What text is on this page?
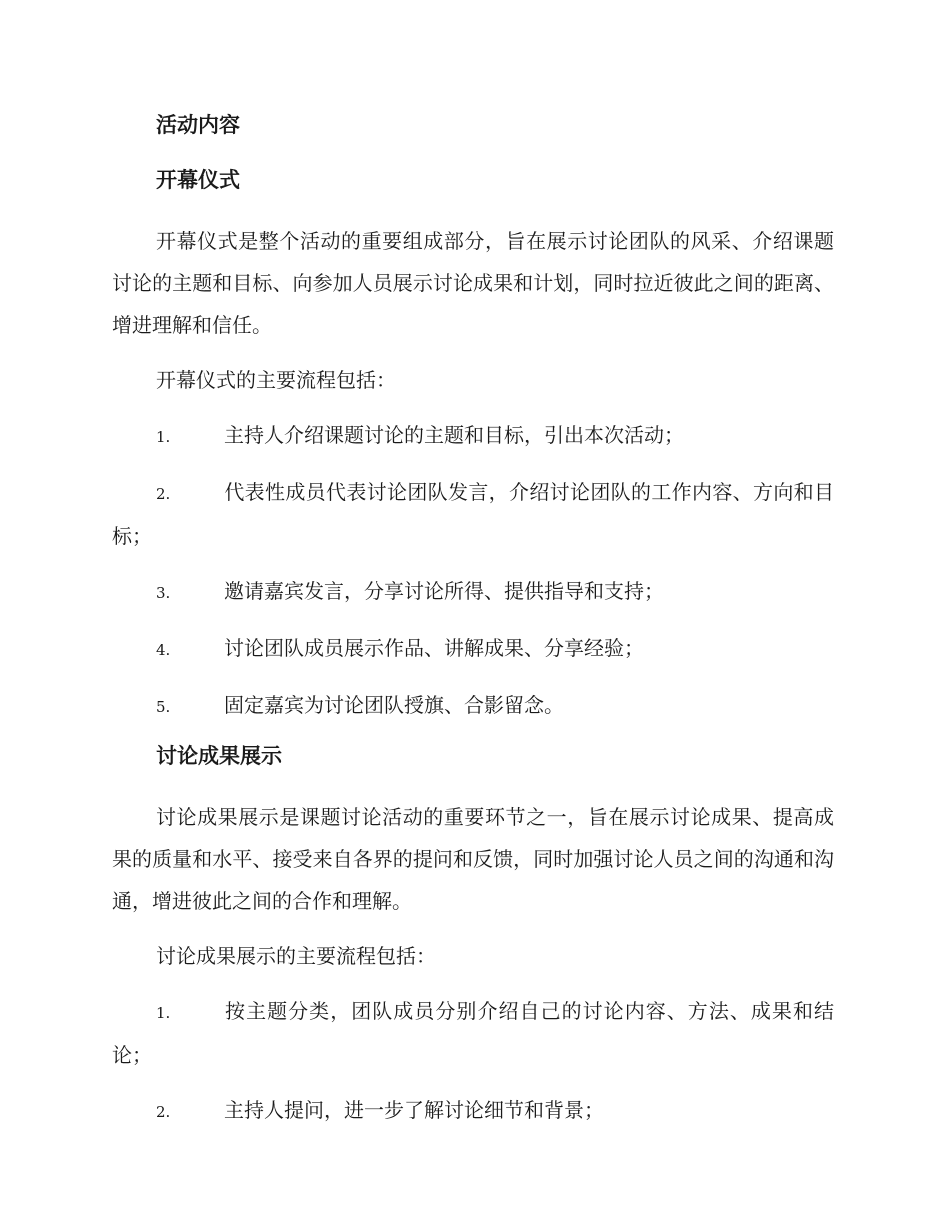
活动内容
开幕仪式

开幕仪式是整个活动的重要组成部分，旨在展示讨论团队的风采、介绍课题讨论的主题和目标、向参加人员展示讨论成果和计划，同时拉近彼此之间的距离、增进理解和信任。

开幕仪式的主要流程包括：

1.	主持人介绍课题讨论的主题和目标，引出本次活动；

2.	代表性成员代表讨论团队发言，介绍讨论团队的工作内容、方向和目标；

3.	邀请嘉宾发言，分享讨论所得、提供指导和支持；

4.	讨论团队成员展示作品、讲解成果、分享经验；

5.	固定嘉宾为讨论团队授旗、合影留念。

讨论成果展示

讨论成果展示是课题讨论活动的重要环节之一，旨在展示讨论成果、提高成果的质量和水平、接受来自各界的提问和反馈，同时加强讨论人员之间的沟通和沟通，增进彼此之间的合作和理解。

讨论成果展示的主要流程包括：

1.	按主题分类，团队成员分别介绍自己的讨论内容、方法、成果和结论；

2.	主持人提问，进一步了解讨论细节和背景；
